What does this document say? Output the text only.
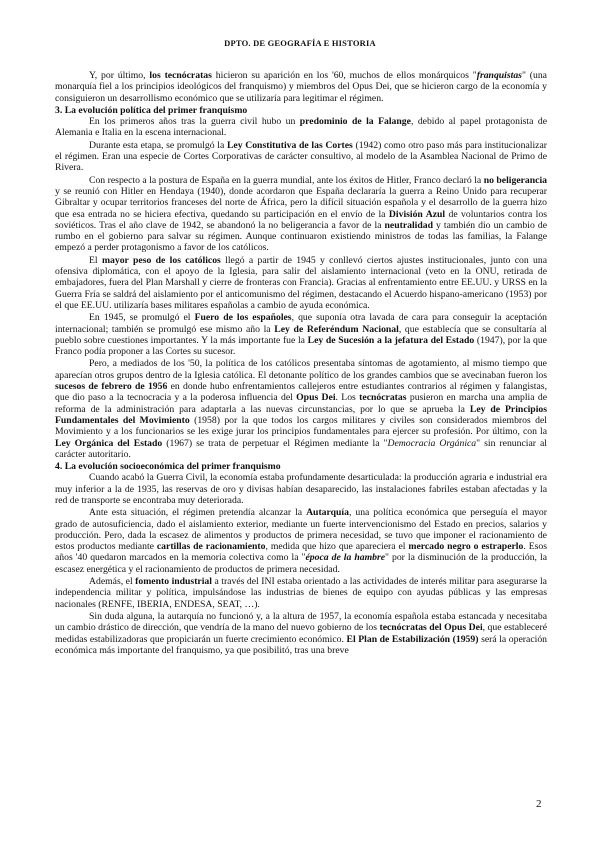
DPTO. DE GEOGRAFÍA E HISTORIA

Y, por último, los tecnócratas hicieron su aparición en los '60, muchos de ellos monárquicos "franquistas" (una monarquía fiel a los principios ideológicos del franquismo) y miembros del Opus Dei, que se hicieron cargo de la economía y consiguieron un desarrollismo económico que se utilizaría para legitimar el régimen.

3. La evolución política del primer franquismo

En los primeros años tras la guerra civil hubo un predominio de la Falange, debido al papel protagonista de Alemania e Italia en la escena internacional.

Durante esta etapa, se promulgó la Ley Constitutiva de las Cortes (1942) como otro paso más para institucionalizar el régimen. Eran una especie de Cortes Corporativas de carácter consultivo, al modelo de la Asamblea Nacional de Primo de Rivera.

Con respecto a la postura de España en la guerra mundial, ante los éxitos de Hitler, Franco declaró la no beligerancia y se reunió con Hitler en Hendaya (1940), donde acordaron que España declararía la guerra a Reino Unido para recuperar Gibraltar y ocupar territorios franceses del norte de África, pero la difícil situación española y el desarrollo de la guerra hizo que esa entrada no se hiciera efectiva, quedando su participación en el envío de la División Azul de voluntarios contra los soviéticos. Tras el año clave de 1942, se abandonó la no beligerancia a favor de la neutralidad y también dio un cambio de rumbo en el gobierno para salvar su régimen. Aunque continuaron existiendo ministros de todas las familias, la Falange empezó a perder protagonismo a favor de los católicos.

El mayor peso de los católicos llegó a partir de 1945 y conllevó ciertos ajustes institucionales, junto con una ofensiva diplomática, con el apoyo de la Iglesia, para salir del aislamiento internacional (veto en la ONU, retirada de embajadores, fuera del Plan Marshall y cierre de fronteras con Francia). Gracias al enfrentamiento entre EE.UU. y URSS en la Guerra Fría se saldrá del aislamiento por el anticomunismo del régimen, destacando el Acuerdo hispano-americano (1953) por el que EE.UU. utilizaría bases militares españolas a cambio de ayuda económica.

En 1945, se promulgó el Fuero de los españoles, que suponía otra lavada de cara para conseguir la aceptación internacional; también se promulgó ese mismo año la Ley de Referéndum Nacional, que establecía que se consultaría al pueblo sobre cuestiones importantes. Y la más importante fue la Ley de Sucesión a la jefatura del Estado (1947), por la que Franco podía proponer a las Cortes su sucesor.

Pero, a mediados de los '50, la política de los católicos presentaba síntomas de agotamiento, al mismo tiempo que aparecían otros grupos dentro de la Iglesia católica. El detonante político de los grandes cambios que se avecinaban fueron los sucesos de febrero de 1956 en donde hubo enfrentamientos callejeros entre estudiantes contrarios al régimen y falangistas, que dio paso a la tecnocracia y a la poderosa influencia del Opus Dei. Los tecnócratas pusieron en marcha una amplia de reforma de la administración para adaptarla a las nuevas circunstancias, por lo que se aprueba la Ley de Principios Fundamentales del Movimiento (1958) por la que todos los cargos militares y civiles son considerados miembros del Movimiento y a los funcionarios se les exige jurar los principios fundamentales para ejercer su profesión. Por último, con la Ley Orgánica del Estado (1967) se trata de perpetuar el Régimen mediante la "Democracia Orgánica" sin renunciar al carácter autoritario.

4. La evolución socioeconómica del primer franquismo

Cuando acabó la Guerra Civil, la economía estaba profundamente desarticulada: la producción agraria e industrial era muy inferior a la de 1935, las reservas de oro y divisas habían desaparecido, las instalaciones fabriles estaban afectadas y la red de transporte se encontraba muy deteriorada.

Ante esta situación, el régimen pretendía alcanzar la Autarquía, una política económica que perseguía el mayor grado de autosuficiencia, dado el aislamiento exterior, mediante un fuerte intervencionismo del Estado en precios, salarios y producción. Pero, dada la escasez de alimentos y productos de primera necesidad, se tuvo que imponer el racionamiento de estos productos mediante cartillas de racionamiento, medida que hizo que apareciera el mercado negro o estraperlo. Esos años '40 quedaron marcados en la memoria colectiva como la "época de la hambre" por la disminución de la producción, la escasez energética y el racionamiento de productos de primera necesidad.

Además, el fomento industrial a través del INI estaba orientado a las actividades de interés militar para asegurarse la independencia militar y política, impulsándose las industrias de bienes de equipo con ayudas públicas y las empresas nacionales (RENFE, IBERIA, ENDESA, SEAT, …).

Sin duda alguna, la autarquía no funcionó y, a la altura de 1957, la economía española estaba estancada y necesitaba un cambio drástico de dirección, que vendría de la mano del nuevo gobierno de los tecnócratas del Opus Dei, que estableceré medidas estabilizadoras que propiciarán un fuerte crecimiento económico. El Plan de Estabilización (1959) será la operación económica más importante del franquismo, ya que posibilitó, tras una breve

2
